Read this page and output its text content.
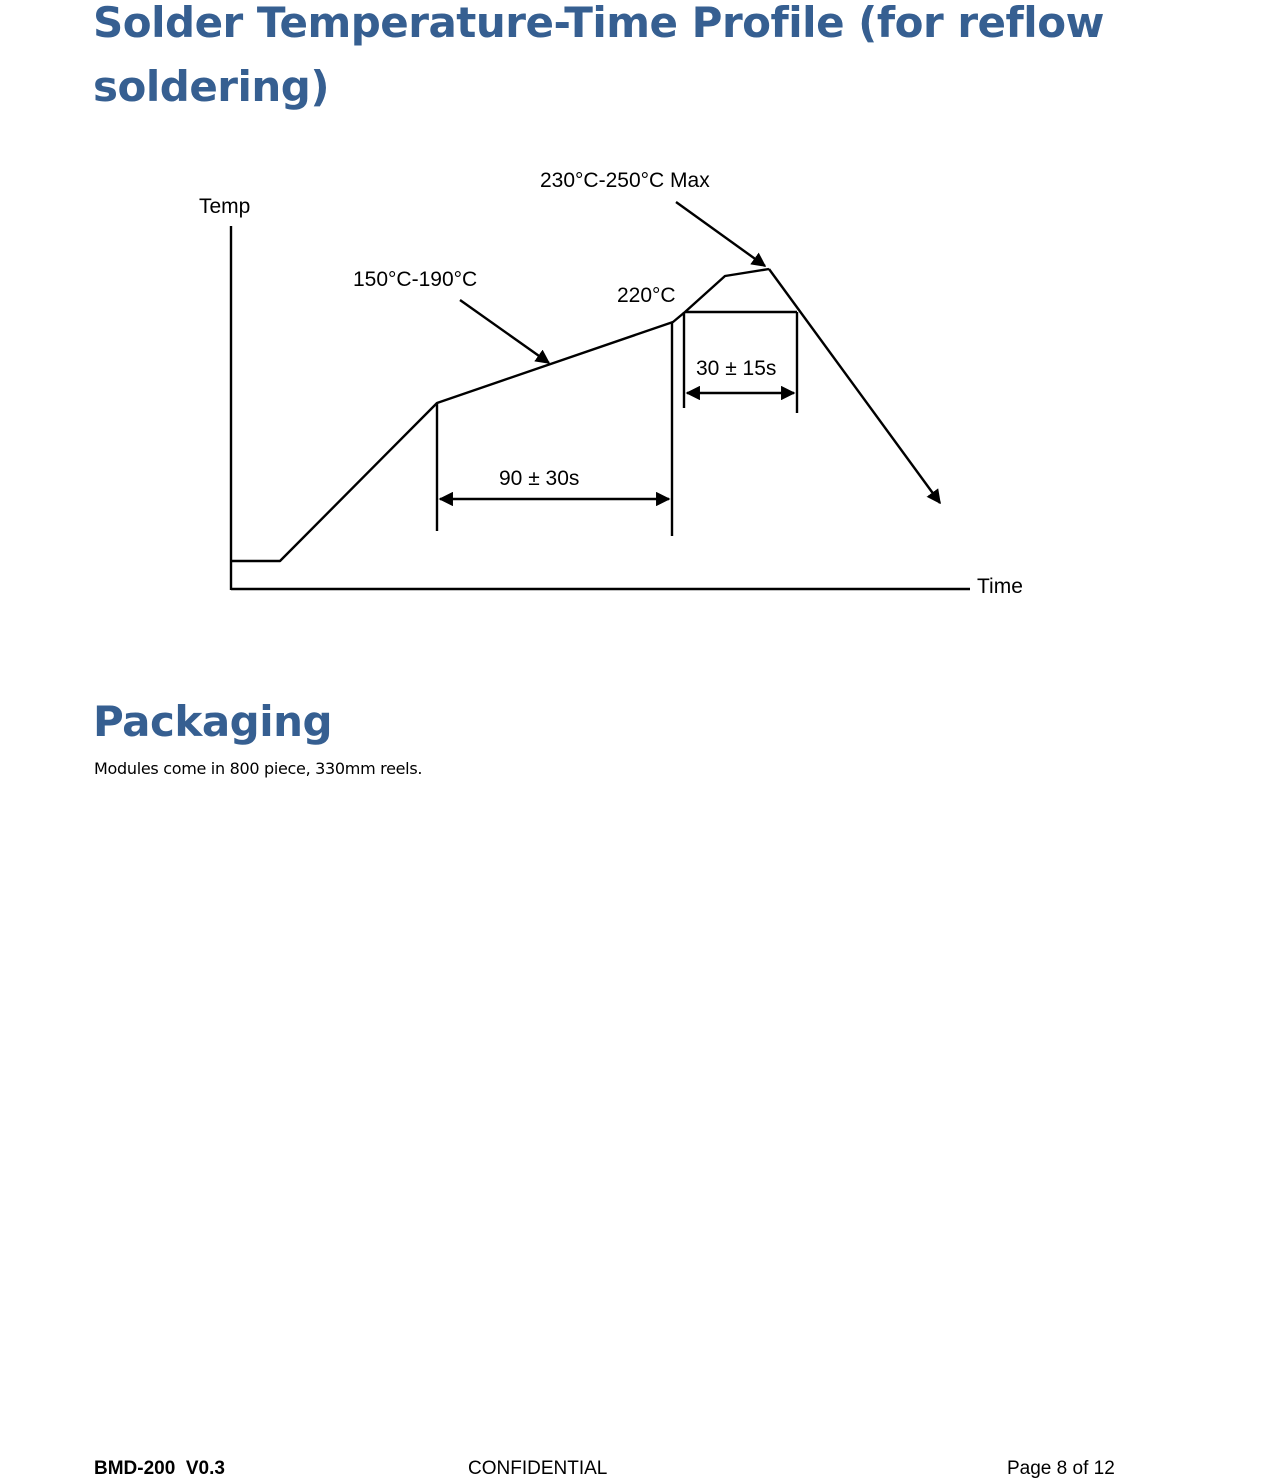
Solder Temperature-Time Profile (for reflow
soldering)
Temp
Time
150°C-190°C
220°C
230°C-250°C Max
90 ± 30s
30 ± 15s
Packaging

Modules come in 800 piece, 330mm reels.

BMD-200  V0.3	CONFIDENTIAL	Page 8 of 12
